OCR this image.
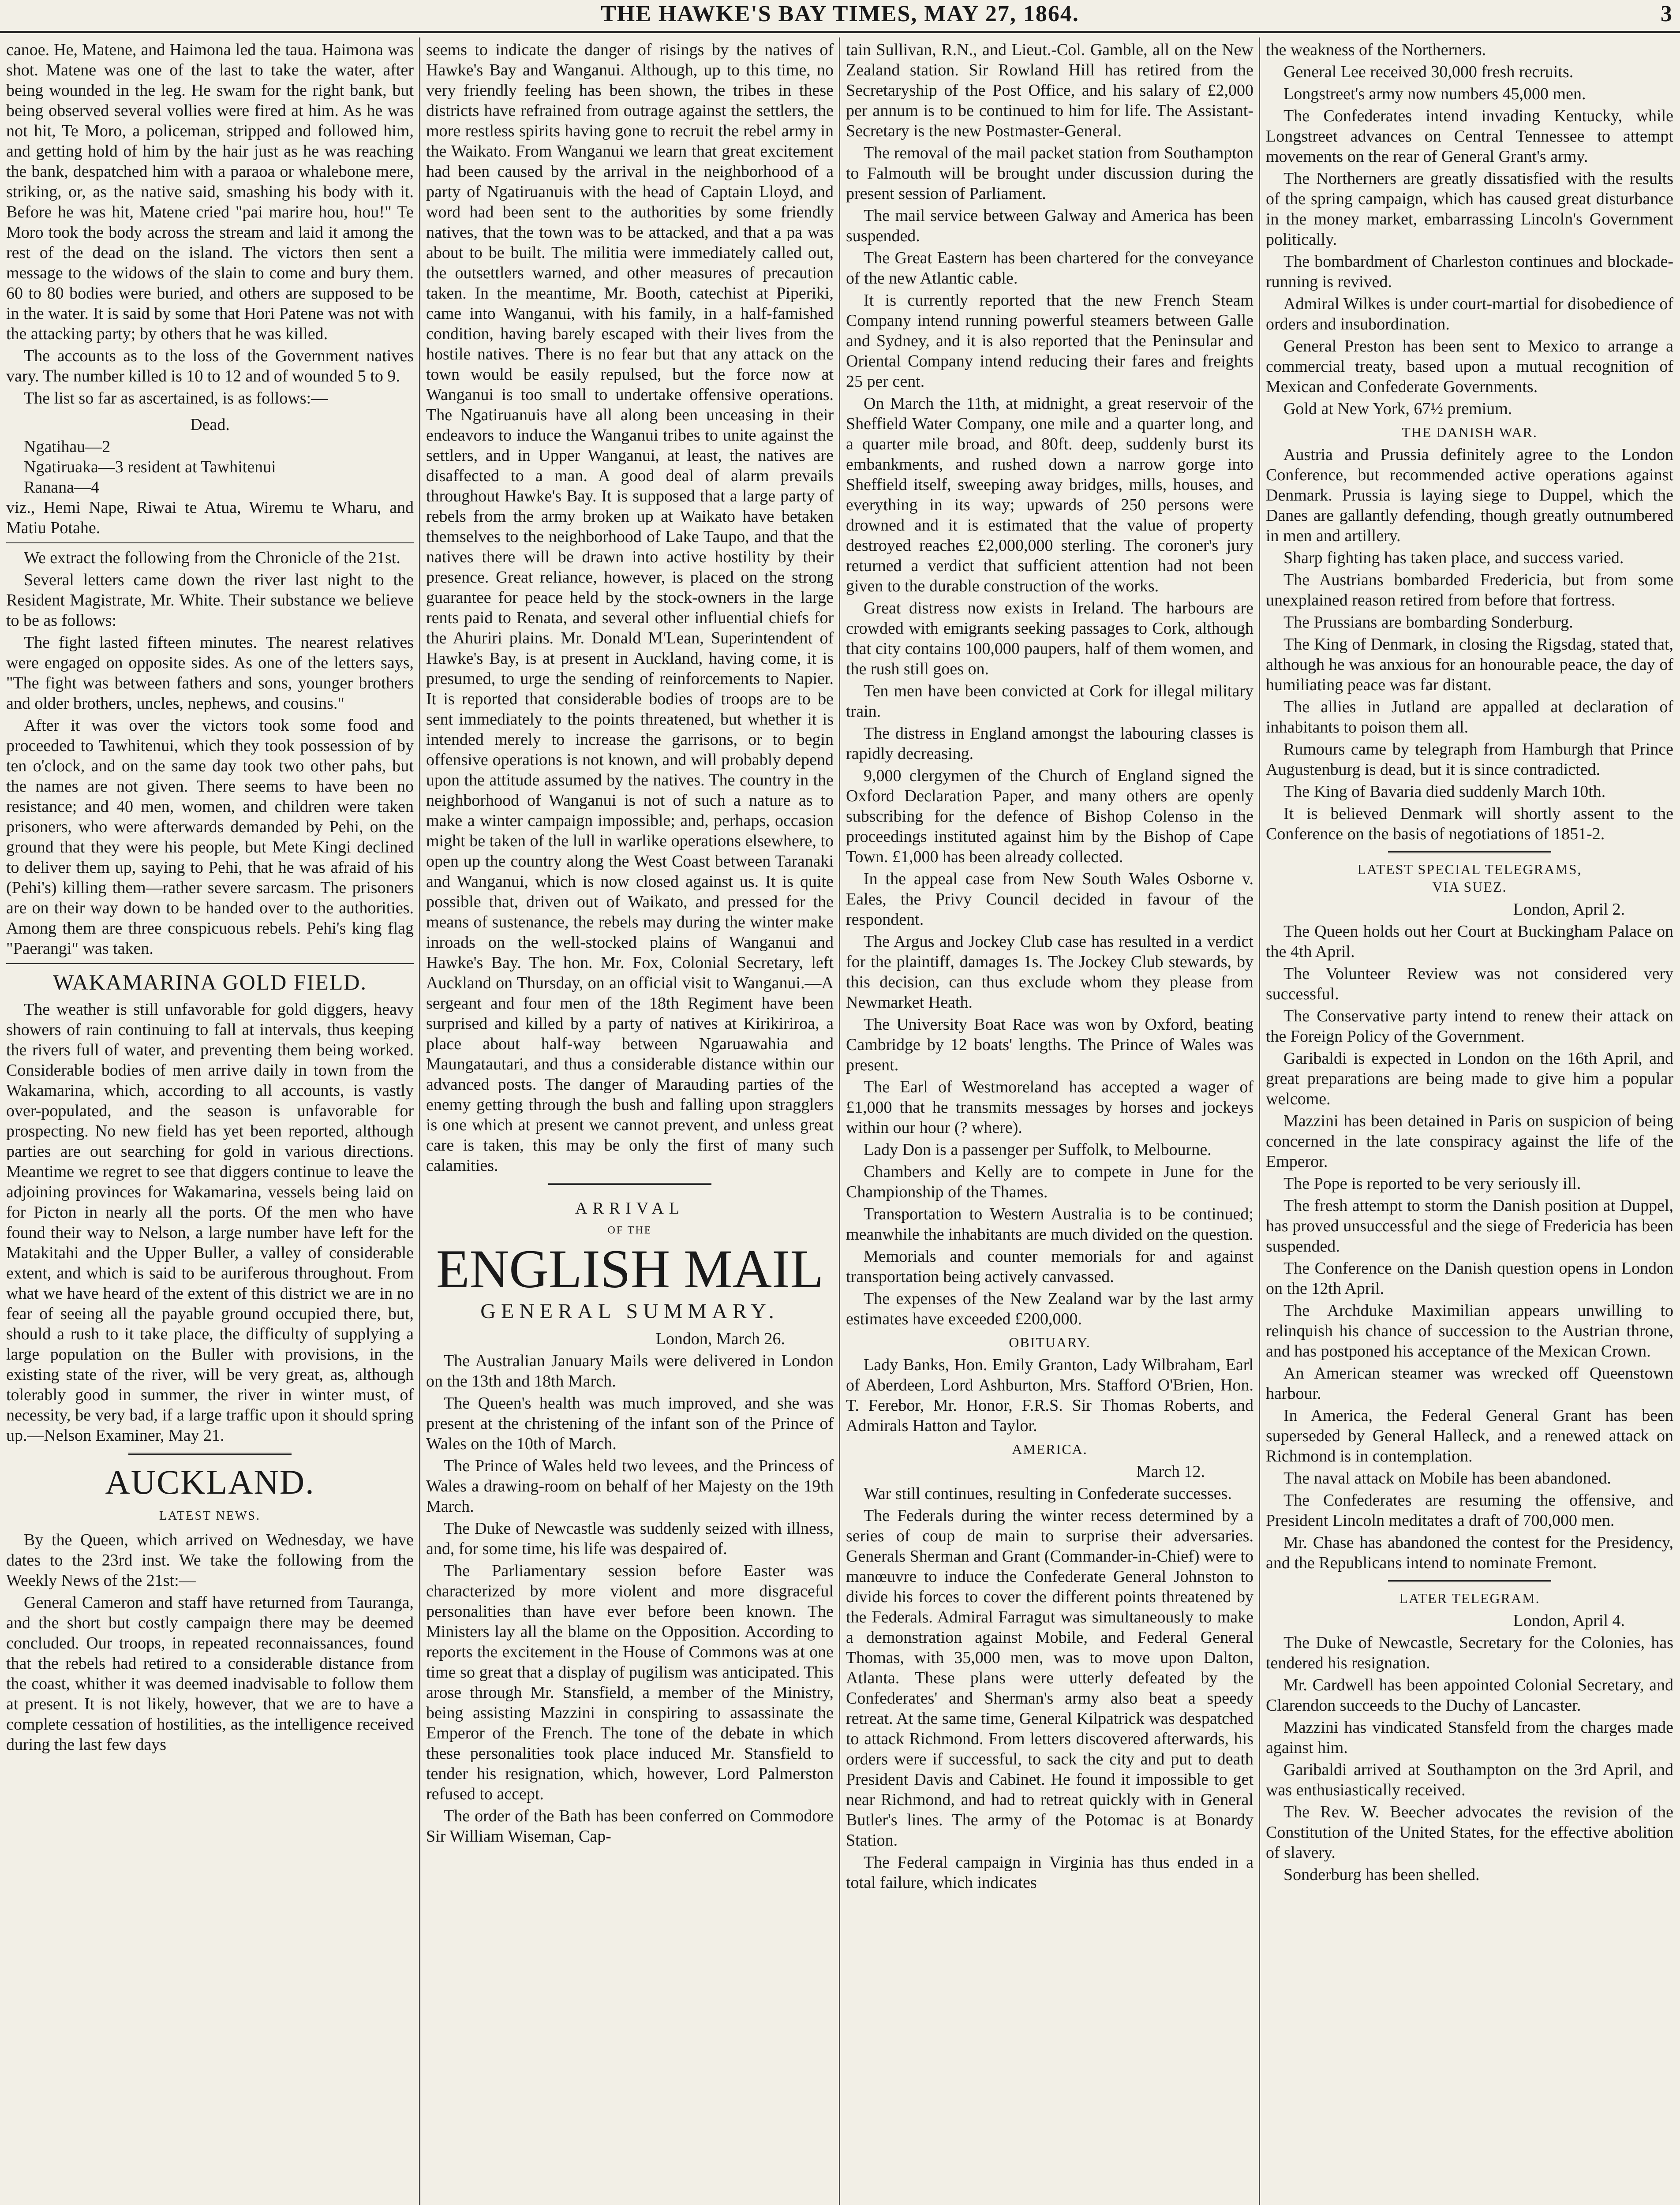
THE HAWKE'S BAY TIMES, MAY 27, 1864.	3

canoe. He, Matene, and Haimona led the taua. Haimona was shot. Matene was one of the last to take the water, after being wounded in the leg. He swam for the right bank, but being observed several vollies were fired at him. As he was not hit, Te Moro, a policeman, stripped and followed him, and getting hold of him by the hair just as he was reaching the bank, despatched him with a paraoa or whalebone mere, striking, or, as the native said, smashing his body with it. Before he was hit, Matene cried "pai marire hou, hou!" Te Moro took the body across the stream and laid it among the rest of the dead on the island. The victors then sent a message to the widows of the slain to come and bury them. 60 to 80 bodies were buried, and others are supposed to be in the water. It is said by some that Hori Patene was not with the attacking party; by others that he was killed.

The accounts as to the loss of the Government natives vary. The number killed is 10 to 12 and of wounded 5 to 9.

The list so far as ascertained, is as follows:—

Dead.

Ngatihau—2

Ngatiruaka—3 resident at Tawhitenui

Ranana—4

viz., Hemi Nape, Riwai te Atua, Wiremu te Wharu, and Matiu Potahe.

We extract the following from the Chronicle of the 21st.

Several letters came down the river last night to the Resident Magistrate, Mr. White. Their substance we believe to be as follows:

The fight lasted fifteen minutes. The nearest relatives were engaged on opposite sides. As one of the letters says, "The fight was between fathers and sons, younger brothers and older brothers, uncles, nephews, and cousins."

After it was over the victors took some food and proceeded to Tawhitenui, which they took possession of by ten o'clock, and on the same day took two other pahs, but the names are not given. There seems to have been no resistance; and 40 men, women, and children were taken prisoners, who were afterwards demanded by Pehi, on the ground that they were his people, but Mete Kingi declined to deliver them up, saying to Pehi, that he was afraid of his (Pehi's) killing them—rather severe sarcasm. The prisoners are on their way down to be handed over to the authorities. Among them are three conspicuous rebels. Pehi's king flag "Paerangi" was taken.

WAKAMARINA GOLD FIELD.

The weather is still unfavorable for gold diggers, heavy showers of rain continuing to fall at intervals, thus keeping the rivers full of water, and preventing them being worked. Considerable bodies of men arrive daily in town from the Wakamarina, which, according to all accounts, is vastly over-populated, and the season is unfavorable for prospecting. No new field has yet been reported, although parties are out searching for gold in various directions. Meantime we regret to see that diggers continue to leave the adjoining provinces for Wakamarina, vessels being laid on for Picton in nearly all the ports. Of the men who have found their way to Nelson, a large number have left for the Matakitahi and the Upper Buller, a valley of considerable extent, and which is said to be auriferous throughout. From what we have heard of the extent of this district we are in no fear of seeing all the payable ground occupied there, but, should a rush to it take place, the difficulty of supplying a large population on the Buller with provisions, in the existing state of the river, will be very great, as, although tolerably good in summer, the river in winter must, of necessity, be very bad, if a large traffic upon it should spring up.—Nelson Examiner, May 21.

AUCKLAND.
LATEST NEWS.

By the Queen, which arrived on Wednesday, we have dates to the 23rd inst. We take the following from the Weekly News of the 21st:—

General Cameron and staff have returned from Tauranga, and the short but costly campaign there may be deemed concluded. Our troops, in repeated reconnaissances, found that the rebels had retired to a considerable distance from the coast, whither it was deemed inadvisable to follow them at present. It is not likely, however, that we are to have a complete cessation of hostilities, as the intelligence received during the last few days

seems to indicate the danger of risings by the natives of Hawke's Bay and Wanganui. Although, up to this time, no very friendly feeling has been shown, the tribes in these districts have refrained from outrage against the settlers, the more restless spirits having gone to recruit the rebel army in the Waikato. From Wanganui we learn that great excitement had been caused by the arrival in the neighborhood of a party of Ngatiruanuis with the head of Captain Lloyd, and word had been sent to the authorities by some friendly natives, that the town was to be attacked, and that a pa was about to be built. The militia were immediately called out, the outsettlers warned, and other measures of precaution taken. In the meantime, Mr. Booth, catechist at Piperiki, came into Wanganui, with his family, in a half-famished condition, having barely escaped with their lives from the hostile natives. There is no fear but that any attack on the town would be easily repulsed, but the force now at Wanganui is too small to undertake offensive operations. The Ngatiruanuis have all along been unceasing in their endeavors to induce the Wanganui tribes to unite against the settlers, and in Upper Wanganui, at least, the natives are disaffected to a man. A good deal of alarm prevails throughout Hawke's Bay. It is supposed that a large party of rebels from the army broken up at Waikato have betaken themselves to the neighborhood of Lake Taupo, and that the natives there will be drawn into active hostility by their presence. Great reliance, however, is placed on the strong guarantee for peace held by the stock-owners in the large rents paid to Renata, and several other influential chiefs for the Ahuriri plains. Mr. Donald M'Lean, Superintendent of Hawke's Bay, is at present in Auckland, having come, it is presumed, to urge the sending of reinforcements to Napier. It is reported that considerable bodies of troops are to be sent immediately to the points threatened, but whether it is intended merely to increase the garrisons, or to begin offensive operations is not known, and will probably depend upon the attitude assumed by the natives. The country in the neighborhood of Wanganui is not of such a nature as to make a winter campaign impossible; and, perhaps, occasion might be taken of the lull in warlike operations elsewhere, to open up the country along the West Coast between Taranaki and Wanganui, which is now closed against us. It is quite possible that, driven out of Waikato, and pressed for the means of sustenance, the rebels may during the winter make inroads on the well-stocked plains of Wanganui and Hawke's Bay. The hon. Mr. Fox, Colonial Secretary, left Auckland on Thursday, on an official visit to Wanganui.—A sergeant and four men of the 18th Regiment have been surprised and killed by a party of natives at Kirikiriroa, a place about half-way between Ngaruawahia and Maungatautari, and thus a considerable distance within our advanced posts. The danger of Marauding parties of the enemy getting through the bush and falling upon stragglers is one which at present we cannot prevent, and unless great care is taken, this may be only the first of many such calamities.

ARRIVAL
OF THE
ENGLISH MAIL
GENERAL SUMMARY.
London, March 26.

The Australian January Mails were delivered in London on the 13th and 18th March.

The Queen's health was much improved, and she was present at the christening of the infant son of the Prince of Wales on the 10th of March.

The Prince of Wales held two levees, and the Princess of Wales a drawing-room on behalf of her Majesty on the 19th March.

The Duke of Newcastle was suddenly seized with illness, and, for some time, his life was despaired of.

The Parliamentary session before Easter was characterized by more violent and more disgraceful personalities than have ever before been known. The Ministers lay all the blame on the Opposition. According to reports the excitement in the House of Commons was at one time so great that a display of pugilism was anticipated. This arose through Mr. Stansfield, a member of the Ministry, being assisting Mazzini in conspiring to assassinate the Emperor of the French. The tone of the debate in which these personalities took place induced Mr. Stansfield to tender his resignation, which, however, Lord Palmerston refused to accept.

The order of the Bath has been conferred on Commodore Sir William Wiseman, Cap-

tain Sullivan, R.N., and Lieut.-Col. Gamble, all on the New Zealand station. Sir Rowland Hill has retired from the Secretaryship of the Post Office, and his salary of £2,000 per annum is to be continued to him for life. The Assistant-Secretary is the new Postmaster-General.

The removal of the mail packet station from Southampton to Falmouth will be brought under discussion during the present session of Parliament.

The mail service between Galway and America has been suspended.

The Great Eastern has been chartered for the conveyance of the new Atlantic cable.

It is currently reported that the new French Steam Company intend running powerful steamers between Galle and Sydney, and it is also reported that the Peninsular and Oriental Company intend reducing their fares and freights 25 per cent.

On March the 11th, at midnight, a great reservoir of the Sheffield Water Company, one mile and a quarter long, and a quarter mile broad, and 80ft. deep, suddenly burst its embankments, and rushed down a narrow gorge into Sheffield itself, sweeping away bridges, mills, houses, and everything in its way; upwards of 250 persons were drowned and it is estimated that the value of property destroyed reaches £2,000,000 sterling. The coroner's jury returned a verdict that sufficient attention had not been given to the durable construction of the works.

Great distress now exists in Ireland. The harbours are crowded with emigrants seeking passages to Cork, although that city contains 100,000 paupers, half of them women, and the rush still goes on.

Ten men have been convicted at Cork for illegal military train.

The distress in England amongst the labouring classes is rapidly decreasing.

9,000 clergymen of the Church of England signed the Oxford Declaration Paper, and many others are openly subscribing for the defence of Bishop Colenso in the proceedings instituted against him by the Bishop of Cape Town. £1,000 has been already collected.

In the appeal case from New South Wales Osborne v. Eales, the Privy Council decided in favour of the respondent.

The Argus and Jockey Club case has resulted in a verdict for the plaintiff, damages 1s. The Jockey Club stewards, by this decision, can thus exclude whom they please from Newmarket Heath.

The University Boat Race was won by Oxford, beating Cambridge by 12 boats' lengths. The Prince of Wales was present.

The Earl of Westmoreland has accepted a wager of £1,000 that he transmits messages by horses and jockeys within our hour (? where).

Lady Don is a passenger per Suffolk, to Melbourne.

Chambers and Kelly are to compete in June for the Championship of the Thames.

Transportation to Western Australia is to be continued; meanwhile the inhabitants are much divided on the question.

Memorials and counter memorials for and against transportation being actively canvassed.

The expenses of the New Zealand war by the last army estimates have exceeded £200,000.

OBITUARY.

Lady Banks, Hon. Emily Granton, Lady Wilbraham, Earl of Aberdeen, Lord Ashburton, Mrs. Stafford O'Brien, Hon. T. Ferebor, Mr. Honor, F.R.S. Sir Thomas Roberts, and Admirals Hatton and Taylor.

AMERICA.
March 12.

War still continues, resulting in Confederate successes.

The Federals during the winter recess determined by a series of coup de main to surprise their adversaries. Generals Sherman and Grant (Commander-in-Chief) were to manœuvre to induce the Confederate General Johnston to divide his forces to cover the different points threatened by the Federals. Admiral Farragut was simultaneously to make a demonstration against Mobile, and Federal General Thomas, with 35,000 men, was to move upon Dalton, Atlanta. These plans were utterly defeated by the Confederates' and Sherman's army also beat a speedy retreat. At the same time, General Kilpatrick was despatched to attack Richmond. From letters discovered afterwards, his orders were if successful, to sack the city and put to death President Davis and Cabinet. He found it impossible to get near Richmond, and had to retreat quickly with in General Butler's lines. The army of the Potomac is at Bonardy Station.

The Federal campaign in Virginia has thus ended in a total failure, which indicates

the weakness of the Northerners.

General Lee received 30,000 fresh recruits.

Longstreet's army now numbers 45,000 men.

The Confederates intend invading Kentucky, while Longstreet advances on Central Tennessee to attempt movements on the rear of General Grant's army.

The Northerners are greatly dissatisfied with the results of the spring campaign, which has caused great disturbance in the money market, embarrassing Lincoln's Government politically.

The bombardment of Charleston continues and blockade-running is revived.

Admiral Wilkes is under court-martial for disobedience of orders and insubordination.

General Preston has been sent to Mexico to arrange a commercial treaty, based upon a mutual recognition of Mexican and Confederate Governments.

Gold at New York, 67½ premium.

THE DANISH WAR.

Austria and Prussia definitely agree to the London Conference, but recommended active operations against Denmark. Prussia is laying siege to Duppel, which the Danes are gallantly defending, though greatly outnumbered in men and artillery.

Sharp fighting has taken place, and success varied.

The Austrians bombarded Fredericia, but from some unexplained reason retired from before that fortress.

The Prussians are bombarding Sonderburg.

The King of Denmark, in closing the Rigsdag, stated that, although he was anxious for an honourable peace, the day of humiliating peace was far distant.

The allies in Jutland are appalled at declaration of inhabitants to poison them all.

Rumours came by telegraph from Hamburgh that Prince Augustenburg is dead, but it is since contradicted.

The King of Bavaria died suddenly March 10th.

It is believed Denmark will shortly assent to the Conference on the basis of negotiations of 1851-2.

LATEST SPECIAL TELEGRAMS,
VIA SUEZ.
London, April 2.

The Queen holds out her Court at Buckingham Palace on the 4th April.

The Volunteer Review was not considered very successful.

The Conservative party intend to renew their attack on the Foreign Policy of the Government.

Garibaldi is expected in London on the 16th April, and great preparations are being made to give him a popular welcome.

Mazzini has been detained in Paris on suspicion of being concerned in the late conspiracy against the life of the Emperor.

The Pope is reported to be very seriously ill.

The fresh attempt to storm the Danish position at Duppel, has proved unsuccessful and the siege of Fredericia has been suspended.

The Conference on the Danish question opens in London on the 12th April.

The Archduke Maximilian appears unwilling to relinquish his chance of succession to the Austrian throne, and has postponed his acceptance of the Mexican Crown.

An American steamer was wrecked off Queenstown harbour.

In America, the Federal General Grant has been superseded by General Halleck, and a renewed attack on Richmond is in contemplation.

The naval attack on Mobile has been abandoned.

The Confederates are resuming the offensive, and President Lincoln meditates a draft of 700,000 men.

Mr. Chase has abandoned the contest for the Presidency, and the Republicans intend to nominate Fremont.

LATER TELEGRAM.
London, April 4.

The Duke of Newcastle, Secretary for the Colonies, has tendered his resignation.

Mr. Cardwell has been appointed Colonial Secretary, and Clarendon succeeds to the Duchy of Lancaster.

Mazzini has vindicated Stansfeld from the charges made against him.

Garibaldi arrived at Southampton on the 3rd April, and was enthusiastically received.

The Rev. W. Beecher advocates the revision of the Constitution of the United States, for the effective abolition of slavery.

Sonderburg has been shelled.
